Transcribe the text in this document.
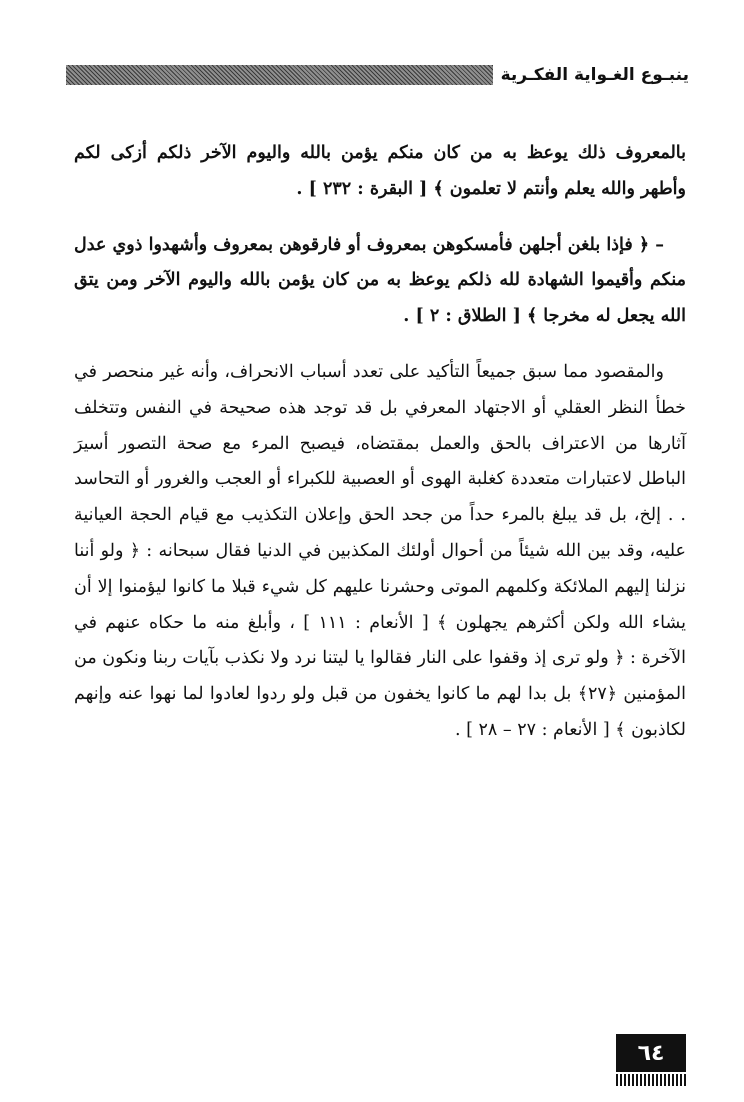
ينبـوع الغـواية الفكـرية

بالمعروف ذلك يوعظ به من كان منكم يؤمن بالله واليوم الآخر ذلكم أزكى لكم وأطهر والله يعلم وأنتم لا تعلمون ﴾ [ البقرة : ٢٣٢ ] .

– ﴿ فإذا بلغن أجلهن فأمسكوهن بمعروف أو فارقوهن بمعروف وأشهدوا ذوي عدل منكم وأقيموا الشهادة لله ذلكم يوعظ به من كان يؤمن بالله واليوم الآخر ومن يتق الله يجعل له مخرجا ﴾ [ الطلاق : ٢ ] .

والمقصود مما سبق جميعاً التأكيد على تعدد أسباب الانحراف، وأنه غير منحصر في خطأ النظر العقلي أو الاجتهاد المعرفي بل قد توجد هذه صحيحة في النفس وتتخلف آثارها من الاعتراف بالحق والعمل بمقتضاه، فيصبح المرء مع صحة التصور أسيرَ الباطل لاعتبارات متعددة كغلبة الهوى أو العصبية للكبراء أو العجب والغرور أو التحاسد . . إلخ، بل قد يبلغ بالمرء حداً من جحد الحق وإعلان التكذيب مع قيام الحجة العيانية عليه، وقد بين الله شيئاً من أحوال أولئك المكذبين في الدنيا فقال سبحانه : ﴿ ولو أننا نزلنا إليهم الملائكة وكلمهم الموتى وحشرنا عليهم كل شيء قبلا ما كانوا ليؤمنوا إلا أن يشاء الله ولكن أكثرهم يجهلون ﴾ [ الأنعام : ١١١ ] ، وأبلغ منه ما حكاه عنهم في الآخرة : ﴿ ولو ترى إذ وقفوا على النار فقالوا يا ليتنا نرد ولا نكذب بآيات ربنا ونكون من المؤمنين ﴿٢٧﴾ بل بدا لهم ما كانوا يخفون من قبل ولو ردوا لعادوا لما نهوا عنه وإنهم لكاذبون ﴾ [ الأنعام : ٢٧ – ٢٨ ] .

٦٤
